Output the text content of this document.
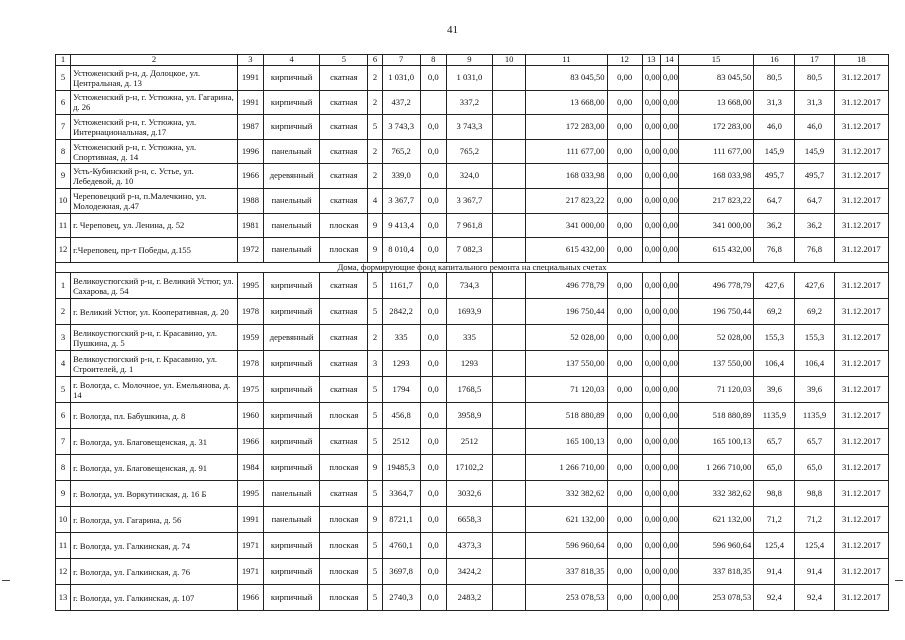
41
1	2	3	4	5	6	7	8	9	10	11	12	13	14	15	16	17	18
5	Устюженский р-н, д. Долоцкое, ул. Центральная, д. 13	1991	кирпичный	скатная	2	1 031,0	0,0	1 031,0		83 045,50	0,00	0,00	0,00	83 045,50	80,5	80,5	31.12.2017
6	Устюженский р-н, г. Устюжна, ул. Гагарина, д. 26	1991	кирпичный	скатная	2	437,2		337,2		13 668,00	0,00	0,00	0,00	13 668,00	31,3	31,3	31.12.2017
7	Устюженский р-н, г. Устюжна, ул. Интернациональная, д.17	1987	кирпичный	скатная	5	3 743,3	0,0	3 743,3		172 283,00	0,00	0,00	0,00	172 283,00	46,0	46,0	31.12.2017
8	Устюженский р-н, г. Устюжна, ул. Спортивная, д. 14	1996	панельный	скатная	2	765,2	0,0	765,2		111 677,00	0,00	0,00	0,00	111 677,00	145,9	145,9	31.12.2017
9	Усть-Кубинский р-н, с. Устье, ул. Лебедевой, д. 10	1966	деревянный	скатная	2	339,0	0,0	324,0		168 033,98	0,00	0,00	0,00	168 033,98	495,7	495,7	31.12.2017
10	Череповецкий р-н, п.Малечкино, ул. Молодежная, д.47	1988	панельный	скатная	4	3 367,7	0,0	3 367,7		217 823,22	0,00	0,00	0,00	217 823,22	64,7	64,7	31.12.2017
11	г. Череповец, ул. Ленина, д. 52	1981	панельный	плоская	9	9 413,4	0,0	7 961,8		341 000,00	0,00	0,00	0,00	341 000,00	36,2	36,2	31.12.2017
12	г.Череповец, пр-т Победы, д.155	1972	панельный	плоская	9	8 010,4	0,0	7 082,3		615 432,00	0,00	0,00	0,00	615 432,00	76,8	76,8	31.12.2017
Дома, формирующие фонд капитального ремонта на специальных счетах																	
1	Великоустюгский р-н, г. Великий Устюг, ул. Сахарова, д. 54	1995	кирпичный	скатная	5	1161,7	0,0	734,3		496 778,79	0,00	0,00	0,00	496 778,79	427,6	427,6	31.12.2017
2	г. Великий Устюг, ул. Кооперативная, д. 20	1978	кирпичный	скатная	5	2842,2	0,0	1693,9		196 750,44	0,00	0,00	0,00	196 750,44	69,2	69,2	31.12.2017
3	Великоустюгский р-н, г. Красавино, ул. Пушкина, д. 5	1959	деревянный	скатная	2	335	0,0	335		52 028,00	0,00	0,00	0,00	52 028,00	155,3	155,3	31.12.2017
4	Великоустюгский р-н, г. Красавино, ул. Строителей, д. 1	1978	кирпичный	скатная	3	1293	0,0	1293		137 550,00	0,00	0,00	0,00	137 550,00	106,4	106,4	31.12.2017
5	г. Вологда, с. Молочное, ул. Емельянова, д. 14	1975	кирпичный	скатная	5	1794	0,0	1768,5		71 120,03	0,00	0,00	0,00	71 120,03	39,6	39,6	31.12.2017
6	г. Вологда, пл. Бабушкина, д. 8	1960	кирпичный	плоская	5	456,8	0,0	3958,9		518 880,89	0,00	0,00	0,00	518 880,89	1135,9	1135,9	31.12.2017
7	г. Вологда, ул. Благовещенская, д. 31	1966	кирпичный	скатная	5	2512	0,0	2512		165 100,13	0,00	0,00	0,00	165 100,13	65,7	65,7	31.12.2017
8	г. Вологда, ул. Благовещенская, д. 91	1984	кирпичный	плоская	9	19485,3	0,0	17102,2		1 266 710,00	0,00	0,00	0,00	1 266 710,00	65,0	65,0	31.12.2017
9	г. Вологда, ул. Воркутинская, д. 16 Б	1995	панельный	скатная	5	3364,7	0,0	3032,6		332 382,62	0,00	0,00	0,00	332 382,62	98,8	98,8	31.12.2017
10	г. Вологда, ул. Гагарина, д. 56	1991	панельный	плоская	9	8721,1	0,0	6658,3		621 132,00	0,00	0,00	0,00	621 132,00	71,2	71,2	31.12.2017
11	г. Вологда, ул. Галкинская, д. 74	1971	кирпичный	плоская	5	4760,1	0,0	4373,3		596 960,64	0,00	0,00	0,00	596 960,64	125,4	125,4	31.12.2017
12	г. Вологда, ул. Галкинская, д. 76	1971	кирпичный	плоская	5	3697,8	0,0	3424,2		337 818,35	0,00	0,00	0,00	337 818,35	91,4	91,4	31.12.2017
13	г. Вологда, ул. Галкинская, д. 107	1966	кирпичный	плоская	5	2740,3	0,0	2483,2		253 078,53	0,00	0,00	0,00	253 078,53	92,4	92,4	31.12.2017
